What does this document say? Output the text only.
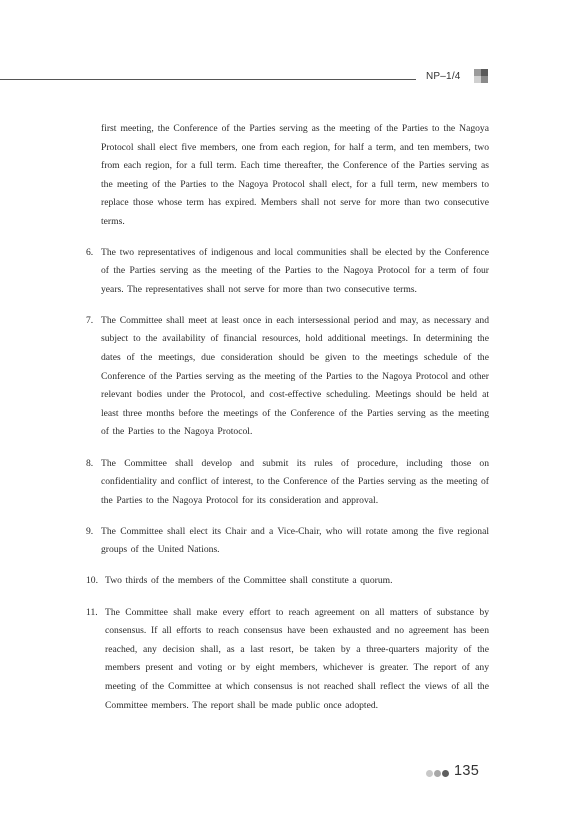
NP–1/4

first meeting, the Conference of the Parties serving as the meeting of the Parties to the Nagoya Protocol shall elect five members, one from each region, for half a term, and ten members, two from each region, for a full term. Each time thereafter, the Conference of the Parties serving as the meeting of the Parties to the Nagoya Protocol shall elect, for a full term, new members to replace those whose term has expired. Members shall not serve for more than two consecutive terms.

6. The two representatives of indigenous and local communities shall be elected by the Conference of the Parties serving as the meeting of the Parties to the Nagoya Protocol for a term of four years. The representatives shall not serve for more than two consecutive terms.

7. The Committee shall meet at least once in each intersessional period and may, as necessary and subject to the availability of financial resources, hold additional meetings. In determining the dates of the meetings, due consideration should be given to the meetings schedule of the Conference of the Parties serving as the meeting of the Parties to the Nagoya Protocol and other relevant bodies under the Protocol, and cost-effective scheduling. Meetings should be held at least three months before the meetings of the Conference of the Parties serving as the meeting of the Parties to the Nagoya Protocol.

8. The Committee shall develop and submit its rules of procedure, including those on confidentiality and conflict of interest, to the Conference of the Parties serving as the meeting of the Parties to the Nagoya Protocol for its consideration and approval.

9. The Committee shall elect its Chair and a Vice-Chair, who will rotate among the five regional groups of the United Nations.

10. Two thirds of the members of the Committee shall constitute a quorum.

11. The Committee shall make every effort to reach agreement on all matters of substance by consensus. If all efforts to reach consensus have been exhausted and no agreement has been reached, any decision shall, as a last resort, be taken by a three-quarters majority of the members present and voting or by eight members, whichever is greater. The report of any meeting of the Committee at which consensus is not reached shall reflect the views of all the Committee members. The report shall be made public once adopted.

135
